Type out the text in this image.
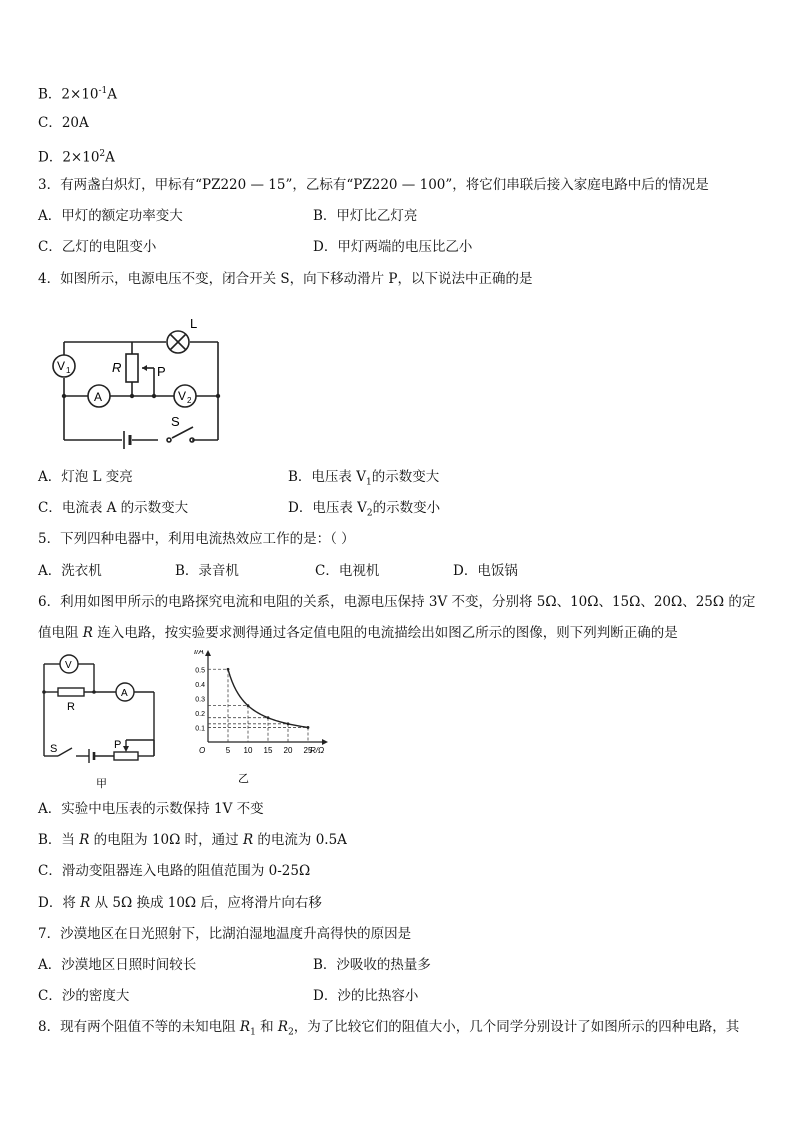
B．$2\times 10^{-1}A$
C．20A
D．$2\times 10^2A$
3．有两盏白炽灯，甲标有“PZ220 — 15”，乙标有“PZ220 — 100”，将它们串联后接入家庭电路中后的情况是
A．甲灯的额定功率变大	B．甲灯比乙灯亮
C．乙灯的电阻变小	D．甲灯两端的电压比乙小
4．如图所示，电源电压不变，闭合开关 S，向下移动滑片 P，以下说法中正确的是
L
R	P
A
V 1
V 2
S
A．灯泡 L 变亮	B．电压表 $V_1$的示数变大
C．电流表 A 的示数变大	D．电压表 $V_2$的示数变小
5．下列四种电器中，利用电流热效应工作的是：（ ）
A．洗衣机	B．录音机	C．电视机	D．电饭锅
6．利用如图甲所示的电路探究电流和电阻的关系，电源电压保持 3V 不变，分别将 5Ω、10Ω、15Ω、20Ω、25Ω 的定
值电阻 R 连入电路，按实验要求测得通过各定值电阻的电流描绘出如图乙所示的图像，则下列判断正确的是
V
A
R
P
S
甲
5 10 15 20 25
0.1
0.2
0.3
0.4
0.5
I/A
R/Ω
O
乙
A．实验中电压表的示数保持 1V 不变
B．当 R 的电阻为 10Ω 时，通过 R 的电流为 0.5A
C．滑动变阻器连入电路的阻值范围为 0-25Ω
D．将 R 从 5Ω 换成 10Ω 后，应将滑片向右移
7．沙漠地区在日光照射下，比湖泊湿地温度升高得快的原因是
A．沙漠地区日照时间较长	B．沙吸收的热量多
C．沙的密度大	D．沙的比热容小
8．现有两个阻值不等的未知电阻 $R_1$ 和 $R_2$，为了比较它们的阻值大小，几个同学分别设计了如图所示的四种电路，其
